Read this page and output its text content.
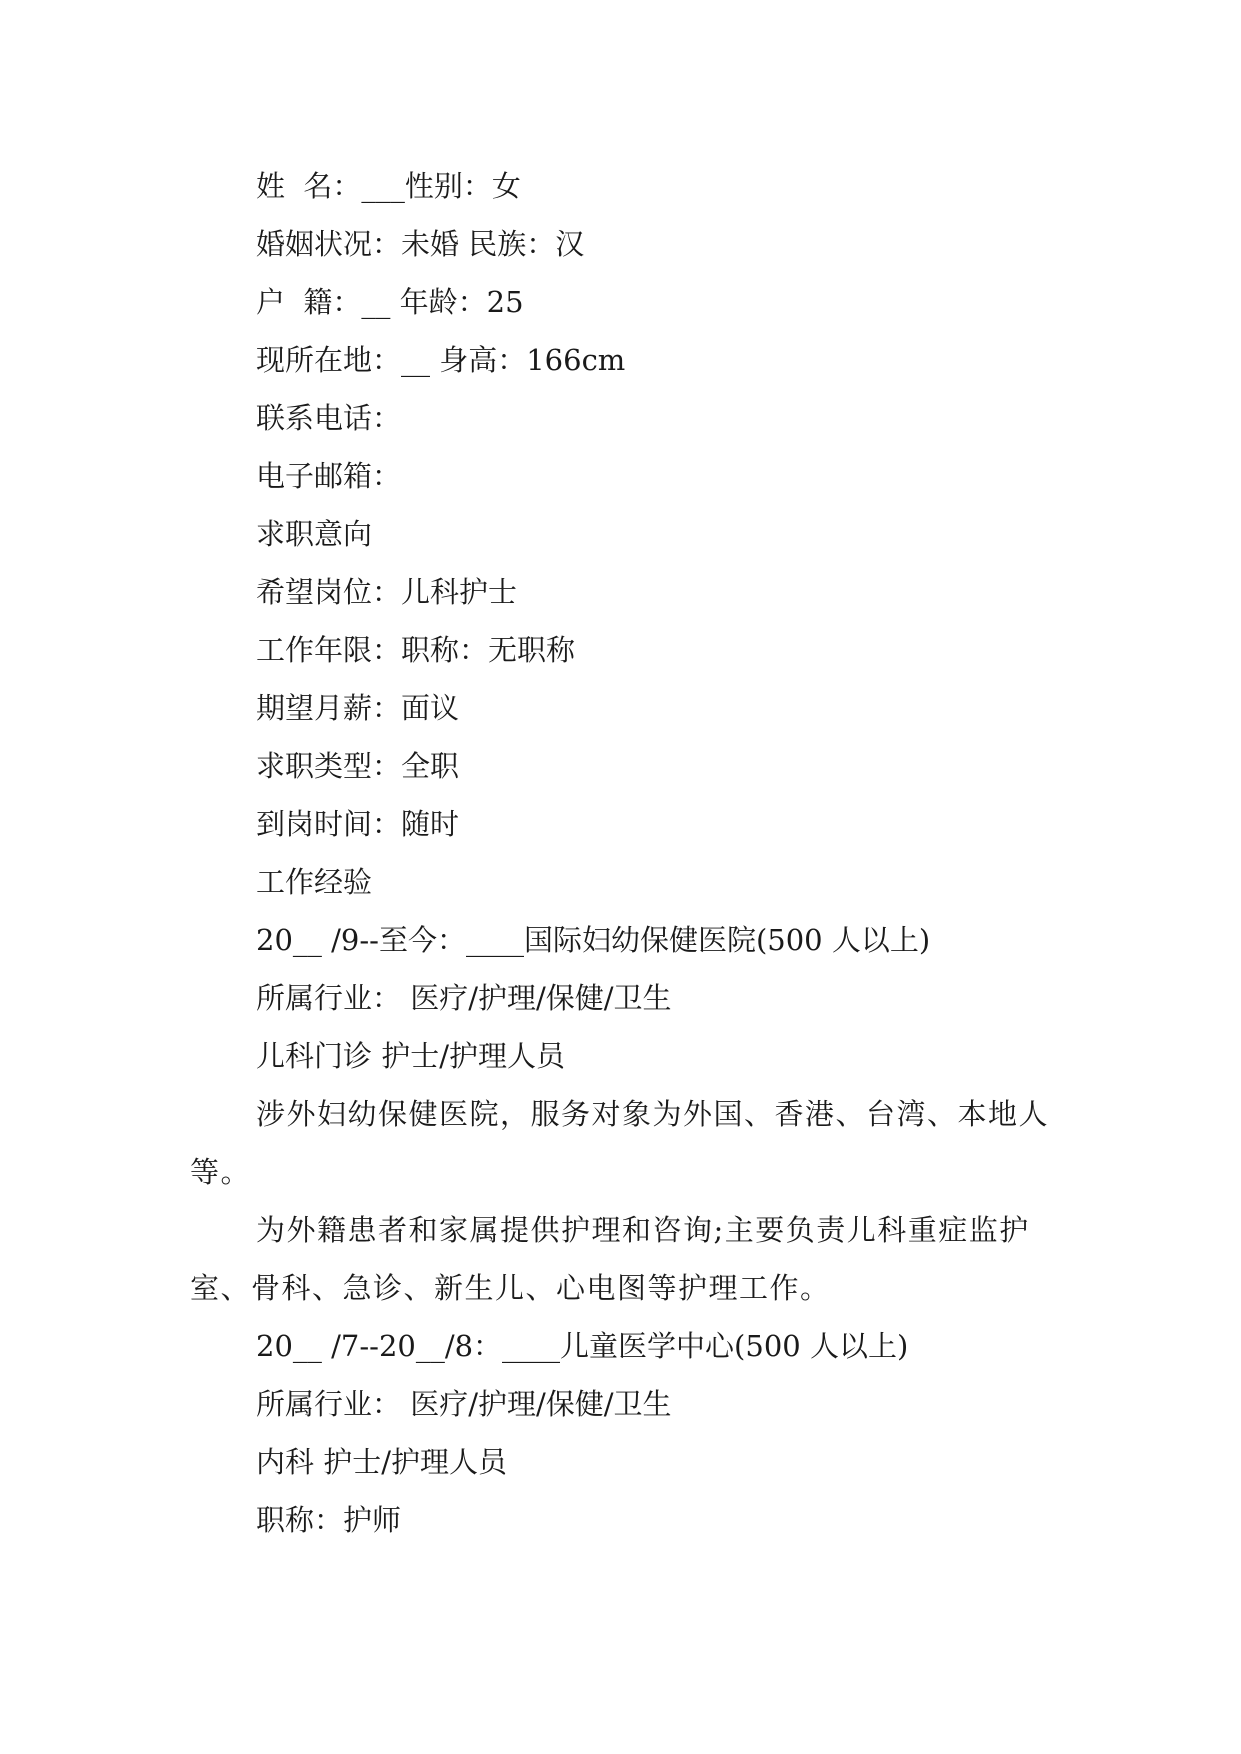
姓  名：___性别：女
婚姻状况：未婚 民族：汉
户  籍：__ 年龄：25
现所在地：__ 身高：166cm
联系电话：
电子邮箱：
求职意向
希望岗位：儿科护士
工作年限：职称：无职称
期望月薪：面议
求职类型：全职
到岗时间：随时
工作经验
20__ /9--至今：____国际妇幼保健医院(500 人以上)
所属行业： 医疗/护理/保健/卫生
儿科门诊 护士/护理人员
涉外妇幼保健医院，服务对象为外国、香港、台湾、本地人等。
为外籍患者和家属提供护理和咨询;主要负责儿科重症监护室、骨科、急诊、新生儿、心电图等护理工作。
20__ /7--20__/8：____儿童医学中心(500 人以上)
所属行业： 医疗/护理/保健/卫生
内科 护士/护理人员
职称：护师
